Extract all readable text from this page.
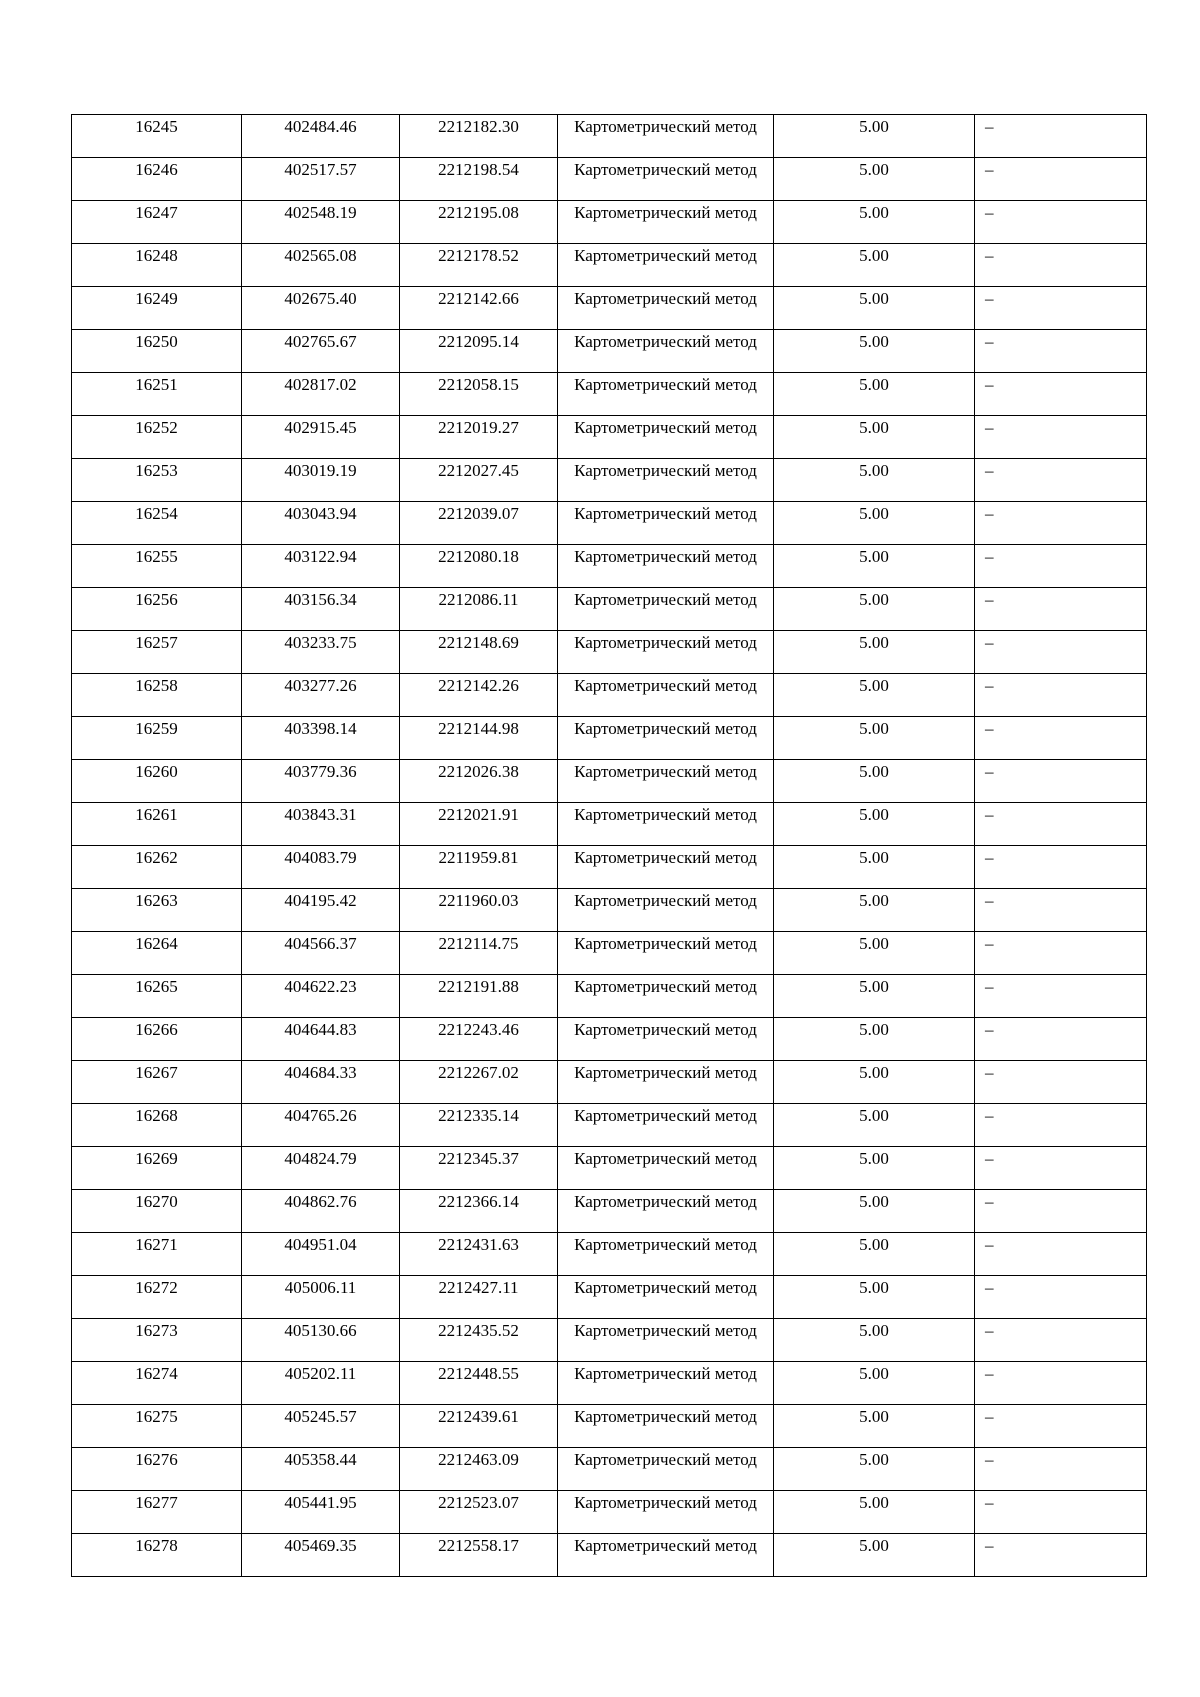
16245	402484.46	2212182.30	Картометрический метод	5.00	–

16246	402517.57	2212198.54	Картометрический метод	5.00	–

16247	402548.19	2212195.08	Картометрический метод	5.00	–

16248	402565.08	2212178.52	Картометрический метод	5.00	–

16249	402675.40	2212142.66	Картометрический метод	5.00	–

16250	402765.67	2212095.14	Картометрический метод	5.00	–

16251	402817.02	2212058.15	Картометрический метод	5.00	–

16252	402915.45	2212019.27	Картометрический метод	5.00	–

16253	403019.19	2212027.45	Картометрический метод	5.00	–

16254	403043.94	2212039.07	Картометрический метод	5.00	–

16255	403122.94	2212080.18	Картометрический метод	5.00	–

16256	403156.34	2212086.11	Картометрический метод	5.00	–

16257	403233.75	2212148.69	Картометрический метод	5.00	–

16258	403277.26	2212142.26	Картометрический метод	5.00	–

16259	403398.14	2212144.98	Картометрический метод	5.00	–

16260	403779.36	2212026.38	Картометрический метод	5.00	–

16261	403843.31	2212021.91	Картометрический метод	5.00	–

16262	404083.79	2211959.81	Картометрический метод	5.00	–

16263	404195.42	2211960.03	Картометрический метод	5.00	–

16264	404566.37	2212114.75	Картометрический метод	5.00	–

16265	404622.23	2212191.88	Картометрический метод	5.00	–

16266	404644.83	2212243.46	Картометрический метод	5.00	–

16267	404684.33	2212267.02	Картометрический метод	5.00	–

16268	404765.26	2212335.14	Картометрический метод	5.00	–

16269	404824.79	2212345.37	Картометрический метод	5.00	–

16270	404862.76	2212366.14	Картометрический метод	5.00	–

16271	404951.04	2212431.63	Картометрический метод	5.00	–

16272	405006.11	2212427.11	Картометрический метод	5.00	–

16273	405130.66	2212435.52	Картометрический метод	5.00	–

16274	405202.11	2212448.55	Картометрический метод	5.00	–

16275	405245.57	2212439.61	Картометрический метод	5.00	–

16276	405358.44	2212463.09	Картометрический метод	5.00	–

16277	405441.95	2212523.07	Картометрический метод	5.00	–

16278	405469.35	2212558.17	Картометрический метод	5.00	–
